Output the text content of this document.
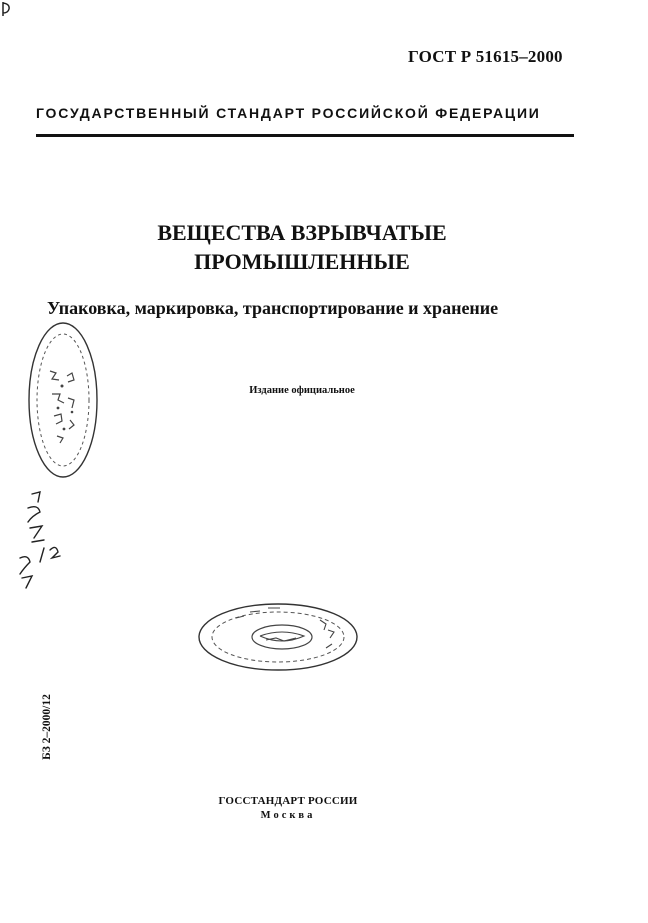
ГОСТ Р 51615–2000
ГОСУДАРСТВЕННЫЙ СТАНДАРТ РОССИЙСКОЙ ФЕДЕРАЦИИ
ВЕЩЕСТВА ВЗРЫВЧАТЫЕ
ПРОМЫШЛЕННЫЕ
Упаковка, маркировка, транспортирование и хранение
Издание официальное
БЗ 2–2000/12
ГОССТАНДАРТ РОССИИ
Москва
